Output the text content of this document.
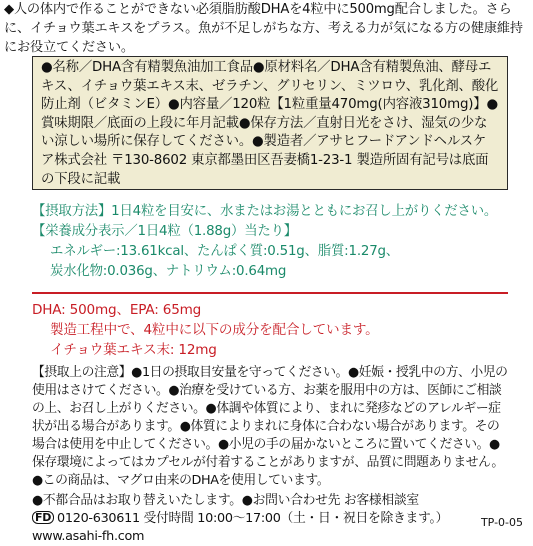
◆人の体内で作ることができない必須脂肪酸DHAを4粒中に500mg配合しました。さらに、イチョウ葉エキスをプラス。魚が不足しがちな方、考える力が気になる方の健康維持にお役立てください。
●名称／DHA含有精製魚油加工食品●原材料名／DHA含有精製魚油、酵母エキス、イチョウ葉エキス末、ゼラチン、グリセリン、ミツロウ、乳化剤、酸化防止剤（ビタミンE）●内容量／120粒【1粒重量470mg(内容液310mg)】●賞味期限／底面の上段に年月記載●保存方法／直射日光をさけ、湿気の少ない涼しい場所に保存してください。●製造者／アサヒフードアンドヘルスケア株式会社 〒130-8602 東京都墨田区吾妻橋1-23-1 製造所固有記号は底面の下段に記載
【摂取方法】1日4粒を目安に、水またはお湯とともにお召し上がりください。
【栄養成分表示／1日4粒（1.88g）当たり】
エネルギー:13.61kcal、たんぱく質:0.51g、脂質:1.27g、
炭水化物:0.036g、ナトリウム:0.64mg
DHA: 500mg、EPA: 65mg
製造工程中で、4粒中に以下の成分を配合しています。
イチョウ葉エキス末: 12mg
【摂取上の注意】●1日の摂取目安量を守ってください。●妊娠・授乳中の方、小児の使用はさけてください。●治療を受けている方、お薬を服用中の方は、医師にご相談の上、お召し上がりください。●体調や体質により、まれに発疹などのアレルギー症状が出る場合があります。●体質によりまれに身体に合わない場合があります。その場合は使用を中止してください。●小児の手の届かないところに置いてください。●保存環境によってはカプセルが付着することがありますが、品質に問題ありません。●この商品は、マグロ由来のDHAを使用しています。
●不都合品はお取り替えいたします。●お問い合わせ先 お客様相談室
FD 0120-630611 受付時間 10:00～17:00（土・日・祝日を除きます。）
www.asahi-fh.com
TP-0-05
